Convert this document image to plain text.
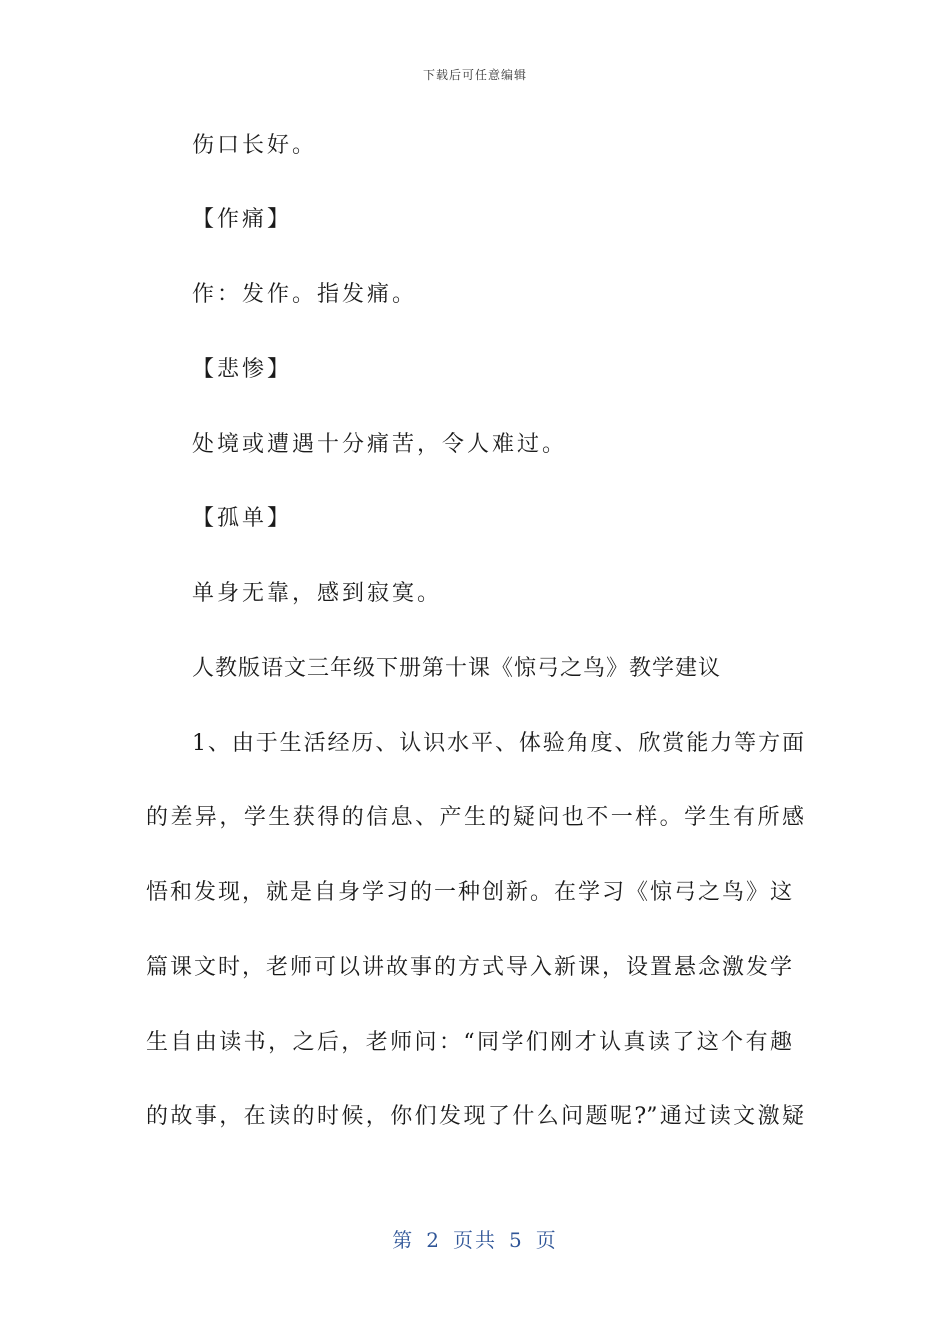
下载后可任意编辑
伤口长好。
【作痛】
作：发作。指发痛。
【悲惨】
处境或遭遇十分痛苦，令人难过。
【孤单】
单身无靠，感到寂寞。
人教版语文三年级下册第十课《惊弓之鸟》教学建议
1、由于生活经历、认识水平、体验角度、欣赏能力等方面
的差异，学生获得的信息、产生的疑问也不一样。学生有所感
悟和发现，就是自身学习的一种创新。在学习《惊弓之鸟》这
篇课文时，老师可以讲故事的方式导入新课，设置悬念激发学
生自由读书，之后，老师问：“同学们刚才认真读了这个有趣
的故事，在读的时候，你们发现了什么问题呢?”通过读文激疑
第 2 页共 5 页
